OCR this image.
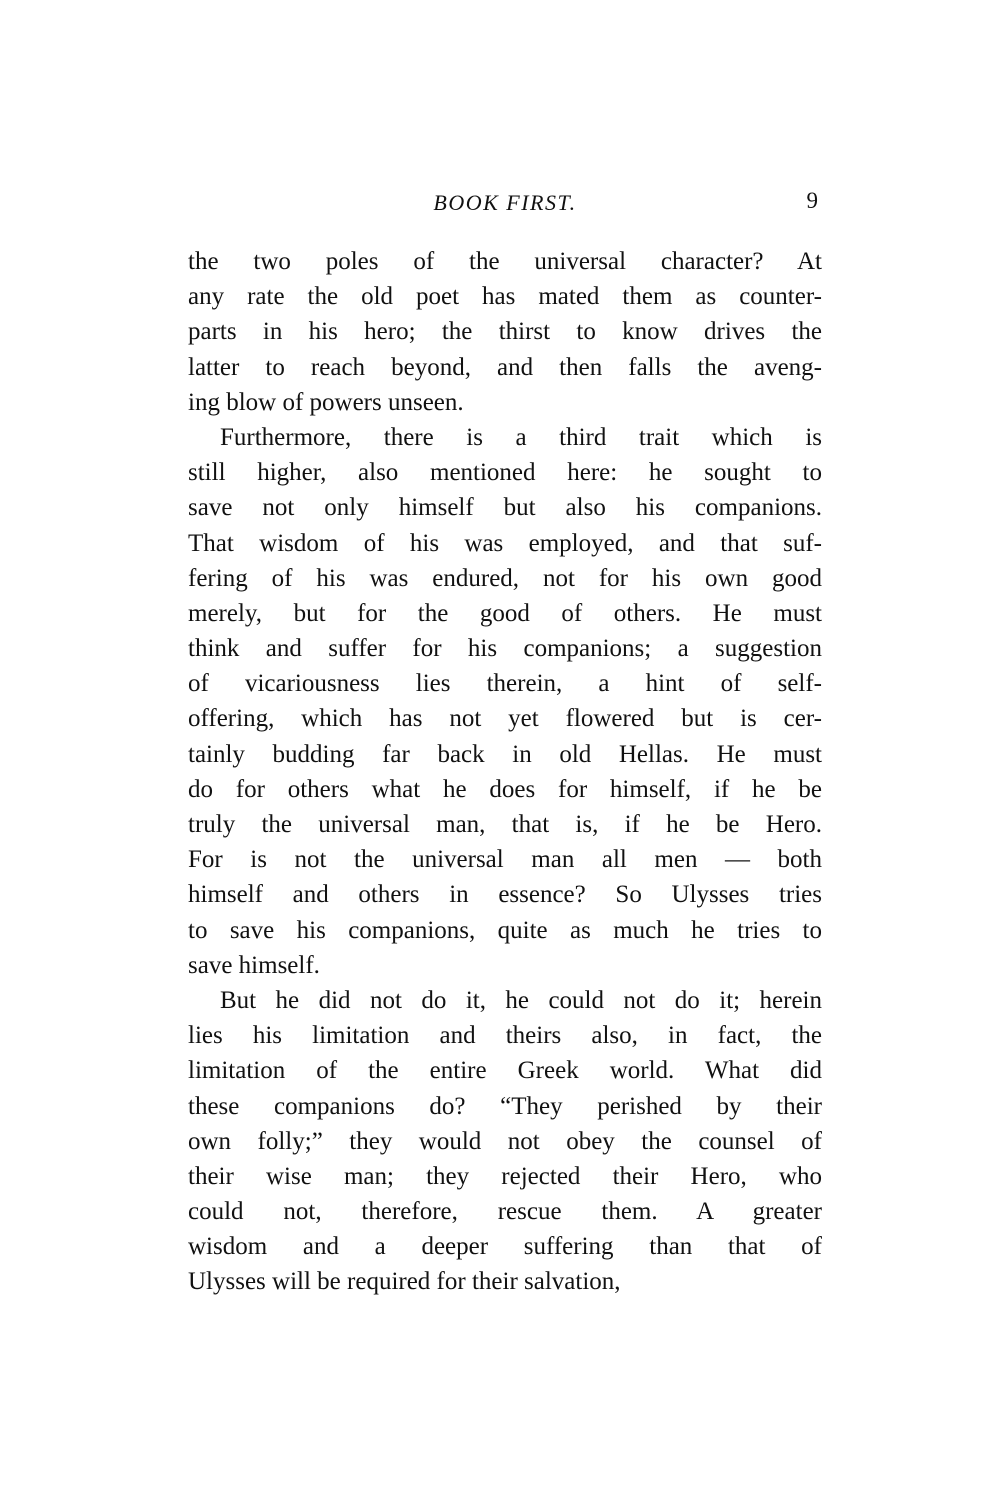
BOOK FIRST.	9
the two poles of the universal character? At
any rate the old poet has mated them as counter-
parts in his hero; the thirst to know drives the
latter to reach beyond, and then falls the aveng-
ing blow of powers unseen.
Furthermore, there is a third trait which is
still higher, also mentioned here: he sought to
save not only himself but also his companions.
That wisdom of his was employed, and that suf-
fering of his was endured, not for his own good
merely, but for the good of others. He must
think and suffer for his companions; a suggestion
of vicariousness lies therein, a hint of self-
offering, which has not yet flowered but is cer-
tainly budding far back in old Hellas. He must
do for others what he does for himself, if he be
truly the universal man, that is, if he be Hero.
For is not the universal man all men — both
himself and others in essence? So Ulysses tries
to save his companions, quite as much he tries to
save himself.
But he did not do it, he could not do it; herein
lies his limitation and theirs also, in fact, the
limitation of the entire Greek world. What did
these companions do? “They perished by their
own folly;” they would not obey the counsel of
their wise man; they rejected their Hero, who
could not, therefore, rescue them. A greater
wisdom and a deeper suffering than that of
Ulysses will be required for their salvation,
